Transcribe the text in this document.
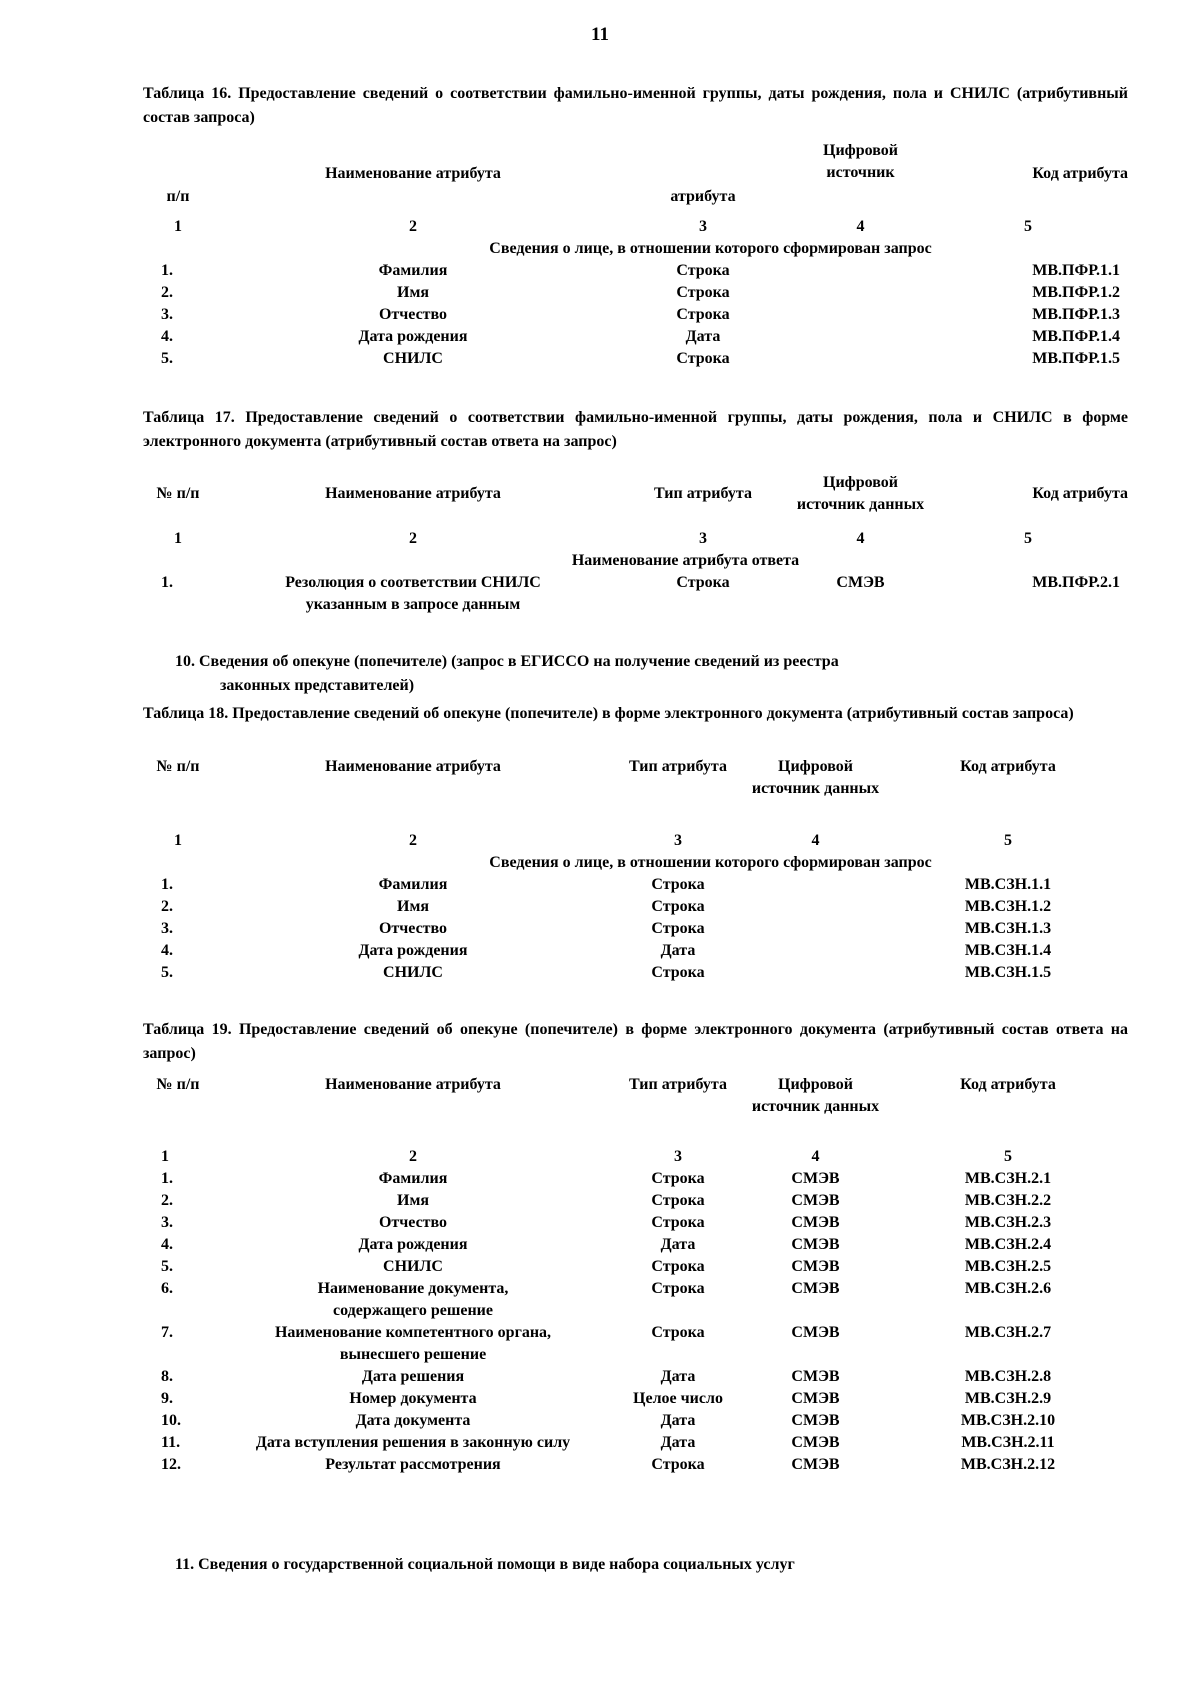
11
Таблица 16. Предоставление сведений о соответствии фамильно-именной группы, даты рождения, пола и СНИЛС (атрибутивный состав запроса)
п/п	Наименование атрибута	атрибута	Цифровой источник	Код атрибута
1	2	3	4	5
Сведения о лице, в отношении которого сформирован запрос				
1.	Фамилия	Строка		МВ.ПФР.1.1
2.	Имя	Строка		МВ.ПФР.1.2
3.	Отчество	Строка		МВ.ПФР.1.3
4.	Дата рождения	Дата		МВ.ПФР.1.4
5.	СНИЛС	Строка		МВ.ПФР.1.5
Таблица 17. Предоставление сведений о соответствии фамильно-именной группы, даты рождения, пола и СНИЛС в форме электронного документа (атрибутивный состав ответа на запрос)
№ п/п	Наименование атрибута	Тип атрибута	Цифровой источник данных	Код атрибута
1	2	3	4	5
Наименование атрибута ответа				
1.	Резолюция о соответствии СНИЛС указанным в запросе данным	Строка	СМЭВ	МВ.ПФР.2.1
10. Сведения об опекуне (попечителе) (запрос в ЕГИССО на получение сведений из реестра

законных представителей)
Таблица 18. Предоставление сведений об опекуне (попечителе) в форме электронного документа (атрибутивный состав запроса)
№ п/п	Наименование атрибута	Тип атрибута	Цифровой источник данных	Код атрибута
1	2	3	4	5
Сведения о лице, в отношении которого сформирован запрос				
1.	Фамилия	Строка		МВ.СЗН.1.1
2.	Имя	Строка		МВ.СЗН.1.2
3.	Отчество	Строка		МВ.СЗН.1.3
4.	Дата рождения	Дата		МВ.СЗН.1.4
5.	СНИЛС	Строка		МВ.СЗН.1.5
Таблица 19. Предоставление сведений об опекуне (попечителе) в форме электронного документа (атрибутивный состав ответа на запрос)
№ п/п	Наименование атрибута	Тип атрибута	Цифровой источник данных	Код атрибута
1	2	3	4	5
1.	Фамилия	Строка	СМЭВ	МВ.СЗН.2.1
2.	Имя	Строка	СМЭВ	МВ.СЗН.2.2
3.	Отчество	Строка	СМЭВ	МВ.СЗН.2.3
4.	Дата рождения	Дата	СМЭВ	МВ.СЗН.2.4
5.	СНИЛС	Строка	СМЭВ	МВ.СЗН.2.5
6.	Наименование документа, содержащего решение	Строка	СМЭВ	МВ.СЗН.2.6
7.	Наименование компетентного органа, вынесшего решение	Строка	СМЭВ	МВ.СЗН.2.7
8.	Дата решения	Дата	СМЭВ	МВ.СЗН.2.8
9.	Номер документа	Целое число	СМЭВ	МВ.СЗН.2.9
10.	Дата документа	Дата	СМЭВ	МВ.СЗН.2.10
11.	Дата вступления решения в законную силу	Дата	СМЭВ	МВ.СЗН.2.11
12.	Результат рассмотрения	Строка	СМЭВ	МВ.СЗН.2.12
11. Сведения о государственной социальной помощи в виде набора социальных услуг
